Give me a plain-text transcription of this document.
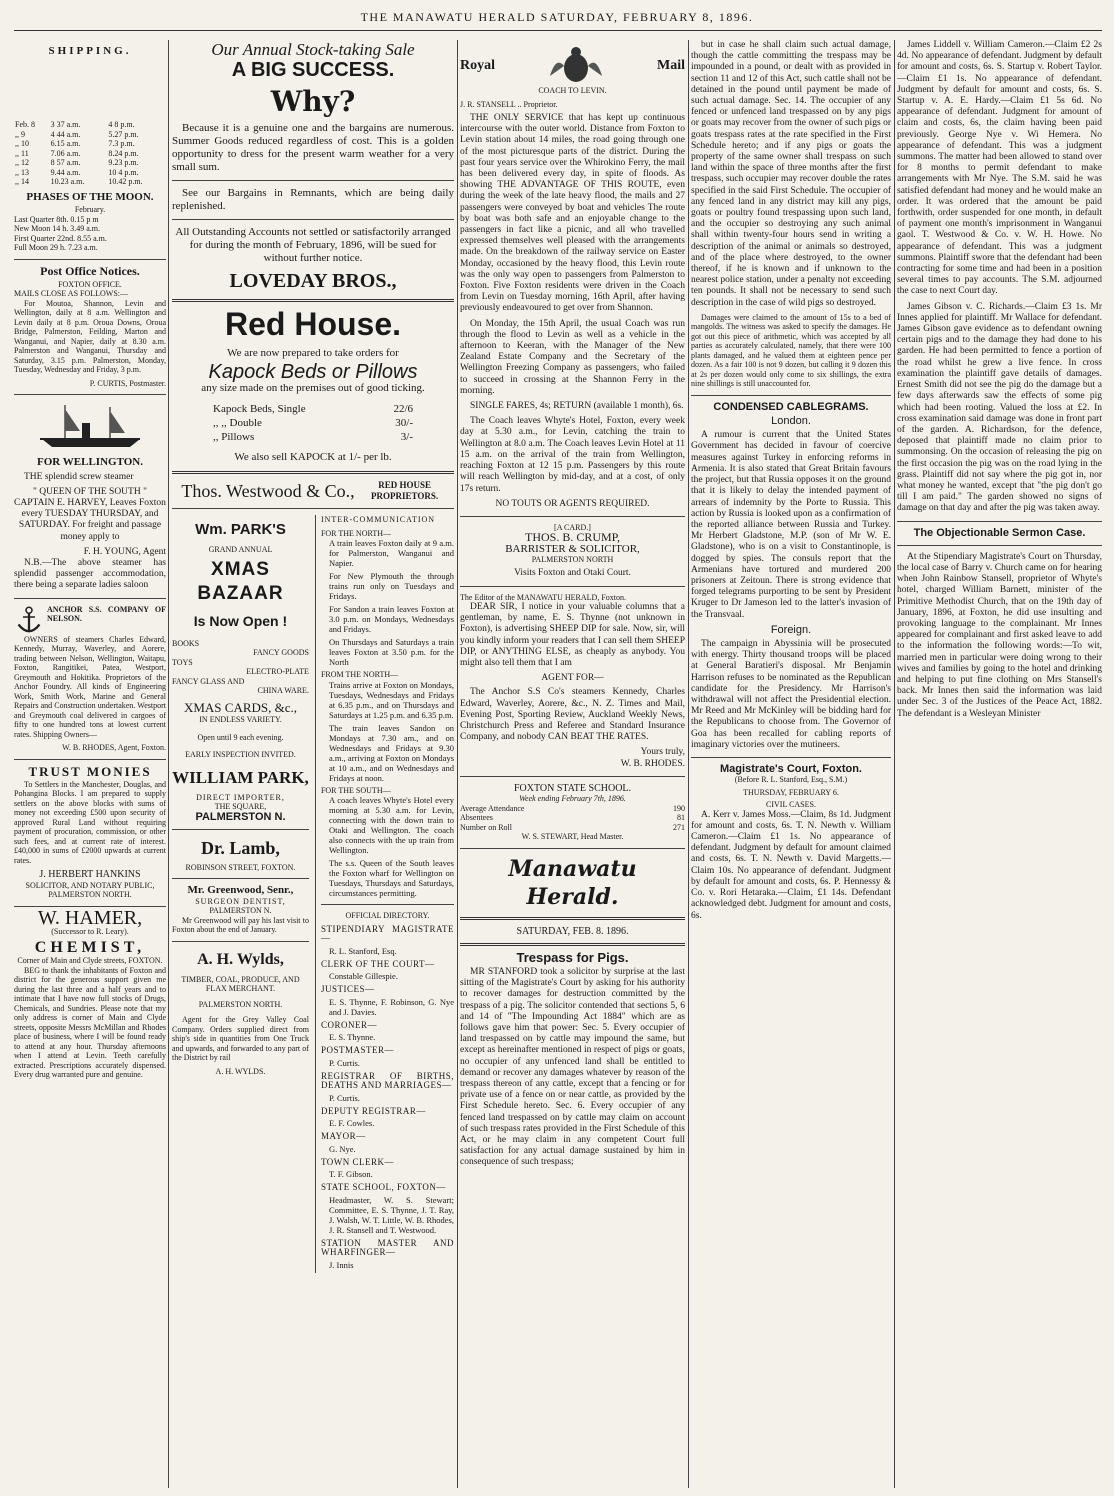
THE MANAWATU HERALD SATURDAY, FEBRUARY 8, 1896.
SHIPPING.
Feb. 8	3 37 a.m.	4 8 p.m.
,, 9	4 44 a.m.	5.27 p.m.
,, 10	6.15 a.m.	7.3 p.m.
,, 11	7.06 a.m.	8.24 p.m.
,, 12	8 57 a.m.	9.23 p.m.
,, 13	9.44 a.m.	10 4 p.m.
,, 14	10.23 a.m.	10.42 p.m.
PHASES OF THE MOON.
February.
Last Quarter 8th. 0.15 p m
New Moon 14 h. 3.49 a.m.
First Quarter 22nd. 8.55 a.m.
Full Moon 29 h. 7.23 a.m.
Post Office Notices.
FOXTON OFFICE.
MAILS CLOSE AS FOLLOWS:—

For Moutoa, Shannon, Levin and Wellington, daily at 8 a.m. Wellington and Levin daily at 8 p.m. Oroua Downs, Oroua Bridge, Palmerston, Feilding, Marton and Wanganui, and Napier, daily at 8.30 a.m. Palmerston and Wanganui, Thursday and Saturday, 3.15 p.m. Palmerston, Monday, Tuesday, Wednesday and Friday, 3 p.m.

P. CURTIS, Postmaster.
FOR WELLINGTON.

THE splendid screw steamer

" QUEEN OF THE SOUTH "

CAPTAIN E. HARVEY, Leaves Foxton every TUESDAY THURSDAY, and SATURDAY. For freight and passage money apply to

F. H. YOUNG, Agent

N.B.—The above steamer has splendid passenger accommodation, there being a separate ladies saloon

ANCHOR S.S. COMPANY OF NELSON.

OWNERS of steamers Charles Edward, Kennedy, Murray, Waverley, and Aorere, trading between Nelson, Wellington, Waitapu, Foxton, Rangitikei, Patea, Westport, Greymouth and Hokitika. Proprietors of the Anchor Foundry. All kinds of Engineering Work, Smith Work, Marine and General Repairs and Construction undertaken. Westport and Greymouth coal delivered in cargoes of fifty to one hundred tons at lowest current rates. Shipping Owners—

W. B. RHODES, Agent, Foxton.
TRUST MONIES

To Settlers in the Manchester, Douglas, and Pohangina Blocks. I am prepared to supply settlers on the above blocks with sums of money not exceeding £500 upon security of approved Rural Land without requiring payment of procuration, commission, or other such fees, and at current rate of interest. £40,000 in sums of £2000 upwards at current rates.

J. HERBERT HANKINS
SOLICITOR, AND NOTARY PUBLIC, PALMERSTON NORTH.
W. HAMER,
(Successor to R. Leary).
CHEMIST,
Corner of Main and Clyde streets, FOXTON.

BEG to thank the inhabitants of Foxton and district for the generous support given me during the last three and a half years and to intimate that I have now full stocks of Drugs, Chemicals, and Sundries. Please note that my only address is corner of Main and Clyde streets, opposite Messrs McMillan and Rhodes place of business, where I will be found ready to attend at any hour. Thursday afternoons when I attend at Levin. Teeth carefully extracted. Prescriptions accurately dispensed. Every drug warranted pure and genuine.

Our Annual Stock-taking Sale
A BIG SUCCESS.
Why?

Because it is a genuine one and the bargains are numerous. Summer Goods reduced regardless of cost. This is a golden opportunity to dress for the present warm weather for a very small sum.

See our Bargains in Remnants, which are being daily replenished.

All Outstanding Accounts not settled or satisfactorily arranged for during the month of February, 1896, will be sued for without further notice.

LOVEDAY BROS.,
Red House.
We are now prepared to take orders for
Kapock Beds or Pillows
any size made on the premises out of good ticking.
Kapock Beds, Single	22/6
,, ,, Double	30/-
,, Pillows	3/-
We also sell KAPOCK at 1/- per lb.
Thos. Westwood & Co.,	RED HOUSE PROPRIETORS.
Wm. PARK'S
GRAND ANNUAL
XMAS BAZAAR
Is Now Open !
BOOKS
FANCY GOODS
TOYS
ELECTRO-PLATE
FANCY GLASS AND
CHINA WARE.
XMAS CARDS, &c.,
IN ENDLESS VARIETY.
Open until 9 each evening.
EARLY INSPECTION INVITED.
WILLIAM PARK,
DIRECT IMPORTER,
THE SQUARE,
PALMERSTON N.
Dr. Lamb,
ROBINSON STREET, FOXTON.
Mr. Greenwood, Senr.,
SURGEON DENTIST,
PALMERSTON N.

Mr Greenwood will pay his last visit to Foxton about the end of January.

A. H. Wylds,
TIMBER, COAL, PRODUCE, AND FLAX MERCHANT.
PALMERSTON NORTH.

Agent for the Grey Valley Coal Company. Orders supplied direct from ship's side in quantities from One Truck and upwards, and forwarded to any part of the District by rail

A. H. WYLDS.
INTER-COMMUNICATION
FOR THE NORTH—

A train leaves Foxton daily at 9 a.m. for Palmerston, Wanganui and Napier.

For New Plymouth the through trains run only on Tuesdays and Fridays.

For Sandon a train leaves Foxton at 3.0 p.m. on Mondays, Wednesdays and Fridays.

On Thursdays and Saturdays a train leaves Foxton at 3.50 p.m. for the North

FROM THE NORTH—

Trains arrive at Foxton on Mondays, Tuesdays, Wednesdays and Fridays at 6.35 p.m., and on Thursdays and Saturdays at 1.25 p.m. and 6.35 p.m.

The train leaves Sandon on Mondays at 7.30 am., and on Wednesdays and Fridays at 9.30 a.m., arriving at Foxton on Mondays at 10 a.m., and on Wednesdays and Fridays at noon.

FOR THE SOUTH—

A coach leaves Whyte's Hotel every morning at 5.30 a.m. for Levin, connecting with the down train to Otaki and Wellington. The coach also connects with the up train from Wellington.

The s.s. Queen of the South leaves the Foxton wharf for Wellington on Tuesdays, Thursdays and Saturdays, circumstances permitting.

OFFICIAL DIRECTORY.
STIPENDIARY MAGISTRATE—
R. L. Stanford, Esq.
CLERK OF THE COURT—
Constable Gillespie.
JUSTICES—
E. S. Thynne, F. Robinson, G. Nye and J. Davies.
CORONER—
E. S. Thynne.
POSTMASTER—
P. Curtis.
REGISTRAR OF BIRTHS, DEATHS AND MARRIAGES—
P. Curtis.
DEPUTY REGISTRAR—
E. F. Cowles.
MAYOR—
G. Nye.
TOWN CLERK—
T. F. Gibson.
STATE SCHOOL, FOXTON—
Headmaster, W. S. Stewart; Committee, E. S. Thynne, J. T. Ray, J. Walsh, W. T. Little, W. B. Rhodes, J. R. Stansell and T. Westwood.
STATION MASTER AND WHARFINGER—
J. Innis
Royal	Mail
COACH TO LEVIN.
J. R. STANSELL .. Proprietor.

THE ONLY SERVICE that has kept up continuous intercourse with the outer world. Distance from Foxton to Levin station about 14 miles, the road going through one of the most picturesque parts of the district. During the past four years service over the Whirokino Ferry, the mail has been delivered every day, in spite of floods. As showing THE ADVANTAGE OF THIS ROUTE, even during the week of the late heavy flood, the mails and 27 passengers were conveyed by boat and vehicles The route by boat was both safe and an enjoyable change to the passengers in fact like a picnic, and all who travelled expressed themselves well pleased with the arrangements made. On the breakdown of the railway service on Easter Monday, occasioned by the heavy flood, this Levin route was the only way open to passengers from Palmerston to Foxton. Five Foxton residents were driven in the Coach from Levin on Tuesday morning, 16th April, after having previously endeavoured to get over from Shannon.

On Monday, the 15th April, the usual Coach was run through the flood to Levin as well as a vehicle in the afternoon to Keeran, with the Manager of the New Zealand Estate Company and the Secretary of the Wellington Freezing Company as passengers, who failed to succeed in crossing at the Shannon Ferry in the morning.

SINGLE FARES, 4s; RETURN (available 1 month), 6s.

The Coach leaves Whyte's Hotel, Foxton, every week day at 5.30 a.m., for Levin, catching the train to Wellington at 8.0 a.m. The Coach leaves Levin Hotel at 11 15 a.m. on the arrival of the train from Wellington, reaching Foxton at 12 15 p.m. Passengers by this route will reach Wellington by mid-day, and at a cost, of only 17s return.

NO TOUTS OR AGENTS REQUIRED.
[A CARD.]
THOS. B. CRUMP,
BARRISTER & SOLICITOR,
PALMERSTON NORTH
Visits Foxton and Otaki Court.
The Editor of the MANAWATU HERALD, Foxton.

DEAR SIR, I notice in your valuable columns that a gentleman, by name, E. S. Thynne (not unknown in Foxton), is advertising SHEEP DIP for sale. Now, sir, will you kindly inform your readers that I can sell them SHEEP DIP, or ANYTHING ELSE, as cheaply as anybody. You might also tell them that I am

AGENT FOR—

The Anchor S.S Co's steamers Kennedy, Charles Edward, Waverley, Aorere, &c., N. Z. Times and Mail, Evening Post, Sporting Review, Auckland Weekly News, Christchurch Press and Referee and Standard Insurance Company, and nobody CAN BEAT THE RATES.

Yours truly,
W. B. RHODES.
FOXTON STATE SCHOOL.
Week ending February 7th, 1896.
Average Attendance	190
Absentees	81
Number on Roll	271
W. S. STEWART, Head Master.
Manawatu Herald.
SATURDAY, FEB. 8. 1896.
Trespass for Pigs.

MR STANFORD took a solicitor by surprise at the last sitting of the Magistrate's Court by asking for his authority to recover damages for destruction committed by the trespass of a pig. The solicitor contended that sections 5, 6 and 14 of "The Impounding Act 1884" which are as follows gave him that power: Sec. 5. Every occupier of land trespassed on by cattle may impound the same, but except as hereinafter mentioned in respect of pigs or goats, no occupier of any unfenced land shall be entitled to demand or recover any damages whatever by reason of the trespass thereon of any cattle, except that a fencing or for private use of a fence on or near cattle, as provided by the First Schedule hereto. Sec. 6. Every occupier of any fenced land trespassed on by cattle may claim on account of such trespass rates provided in the First Schedule of this Act, or he may claim in any competent Court full satisfaction for any actual damage sustained by him in consequence of such trespass;

but in case he shall claim such actual damage, though the cattle committing the trespass may be impounded in a pound, or dealt with as provided in section 11 and 12 of this Act, such cattle shall not be detained in the pound until payment be made of such actual damage. Sec. 14. The occupier of any fenced or unfenced land trespassed on by any pigs or goats may recover from the owner of such pigs or goats trespass rates at the rate specified in the First Schedule hereto; and if any pigs or goats the property of the same owner shall trespass on such land within the space of three months after the first trespass, such occupier may recover double the rates specified in the said First Schedule. The occupier of any fenced land in any district may kill any pigs, goats or poultry found trespassing upon such land, and the occupier so destroying any such animal shall within twenty-four hours send in writing a description of the animal or animals so destroyed, and of the place where destroyed, to the owner thereof, if he is known and if unknown to the nearest police station, under a penalty not exceeding ten pounds. It shall not be necessary to send such description in the case of wild pigs so destroyed.

Damages were claimed to the amount of 15s to a bed of mangolds. The witness was asked to specify the damages. He got out this piece of arithmetic, which was accepted by all parties as accurately calculated, namely, that there were 100 plants damaged, and he valued them at eighteen pence per dozen. As a fair 100 is not 9 dozen, but calling it 9 dozen this at 2s per dozen would only come to six shillings, the extra nine shillings is still unaccounted for.

CONDENSED CABLEGRAMS.
London.

A rumour is current that the United States Government has decided in favour of coercive measures against Turkey in enforcing reforms in Armenia. It is also stated that Great Britain favours the project, but that Russia opposes it on the ground that it is likely to delay the intended payment of arrears of indemnity by the Porte to Russia. This action by Russia is looked upon as a confirmation of the reported alliance between Russia and Turkey. Mr Herbert Gladstone, M.P. (son of Mr W. E. Gladstone), who is on a visit to Constantinople, is dogged by spies. The consuls report that the Armenians have tortured and murdered 200 prisoners at Zeitoun. There is strong evidence that forged telegrams purporting to be sent by President Kruger to Dr Jameson led to the latter's invasion of the Transvaal.

Foreign.

The campaign in Abyssinia will be prosecuted with energy. Thirty thousand troops will be placed at General Baratieri's disposal. Mr Benjamin Harrison refuses to be nominated as the Republican candidate for the Presidency. Mr Harrison's withdrawal will not affect the Presidential election. Mr Reed and Mr McKinley will be bidding hard for the Republicans to choose from. The Governor of Goa has been recalled for cabling reports of imaginary victories over the mutineers.

Magistrate's Court, Foxton.
(Before R. L. Stanford, Esq., S.M.)
THURSDAY, FEBRUARY 6.
CIVIL CASES.

A. Kerr v. James Moss.—Claim, 8s 1d. Judgment for amount and costs, 6s. T. N. Newth v. William Cameron.—Claim £1 1s. No appearance of defendant. Judgment by default for amount claimed and costs, 6s. T. N. Newth v. David Margetts.—Claim 10s. No appearance of defendant. Judgment by default for amount and costs, 6s. P. Hennessy & Co. v. Rori Hetaraka.—Claim, £1 14s. Defendant acknowledged debt. Judgment for amount and costs, 6s.

James Liddell v. William Cameron.—Claim £2 2s 4d. No appearance of defendant. Judgment by default for amount and costs, 6s. S. Startup v. Robert Taylor.—Claim £1 1s. No appearance of defendant. Judgment by default for amount and costs, 6s. S. Startup v. A. E. Hardy.—Claim £1 5s 6d. No appearance of defendant. Judgment for amount of claim and costs, 6s, the claim having been paid previously. George Nye v. Wi Hemera. No appearance of defendant. This was a judgment summons. The matter had been allowed to stand over for 8 months to permit defendant to make arrangements with Mr Nye. The S.M. said he was satisfied defendant had money and he would make an order. It was ordered that the amount be paid forthwith, order suspended for one month, in default of payment one month's imprisonment in Wanganui gaol. T. Westwood & Co. v. W. H. Howe. No appearance of defendant. This was a judgment summons. Plaintiff swore that the defendant had been contracting for some time and had been in a position several times to pay accounts. The S.M. adjourned the case to next Court day.

James Gibson v. C. Richards.—Claim £3 1s. Mr Innes applied for plaintiff. Mr Wallace for defendant. James Gibson gave evidence as to defendant owning certain pigs and to the damage they had done to his garden. He had been permitted to fence a portion of the road whilst he grew a live fence. In cross examination the plaintiff gave details of damages. Ernest Smith did not see the pig do the damage but a few days afterwards saw the effects of some pig which had been rooting. Valued the loss at £2. In cross examination said damage was done in front part of the garden. A. Richardson, for the defence, deposed that plaintiff made no claim prior to summonsing. On the occasion of releasing the pig on the first occasion the pig was on the road lying in the grass. Plaintiff did not say where the pig got in, nor what money he wanted, except that "the pig don't go till I am paid." The garden showed no signs of damage on that day and after the pig was taken away.

The Objectionable Sermon Case.

At the Stipendiary Magistrate's Court on Thursday, the local case of Barry v. Church came on for hearing when John Rainbow Stansell, proprietor of Whyte's hotel, charged William Barnett, minister of the Primitive Methodist Church, that on the 19th day of January, 1896, at Foxton, he did use insulting and provoking language to the complainant. Mr Innes appeared for complainant and first asked leave to add to the information the following words:—To wit, married men in particular were doing wrong to their wives and families by going to the hotel and drinking and helping to put fine clothing on Mrs Stansell's back. Mr Innes then said the information was laid under Sec. 3 of the Justices of the Peace Act, 1882. The defendant is a Wesleyan Minister
